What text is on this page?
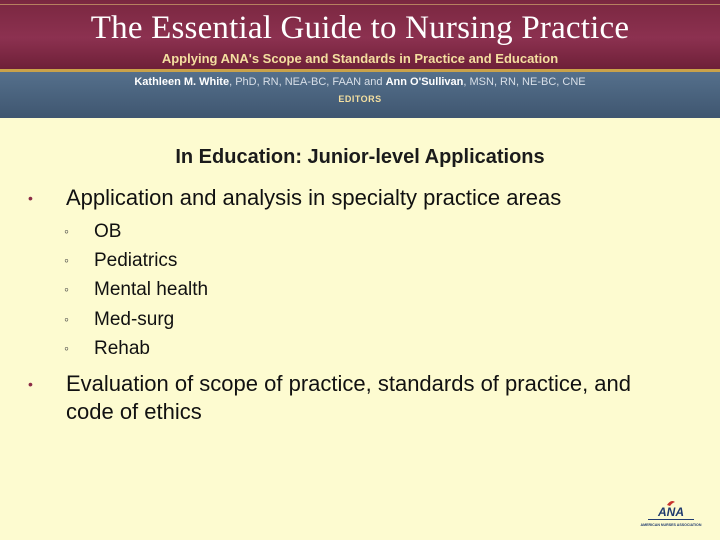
The Essential Guide to Nursing Practice
Applying ANA's Scope and Standards in Practice and Education
Kathleen M. White, PhD, RN, NEA-BC, FAAN and Ann O'Sullivan, MSN, RN, NE-BC, CNE
EDITORS
In Education: Junior-level Applications
• Application and analysis in specialty practice areas
◦ OB
◦ Pediatrics
◦ Mental health
◦ Med-surg
◦ Rehab
• Evaluation of scope of practice, standards of practice, and code of ethics
ANA
AMERICAN NURSES ASSOCIATION
